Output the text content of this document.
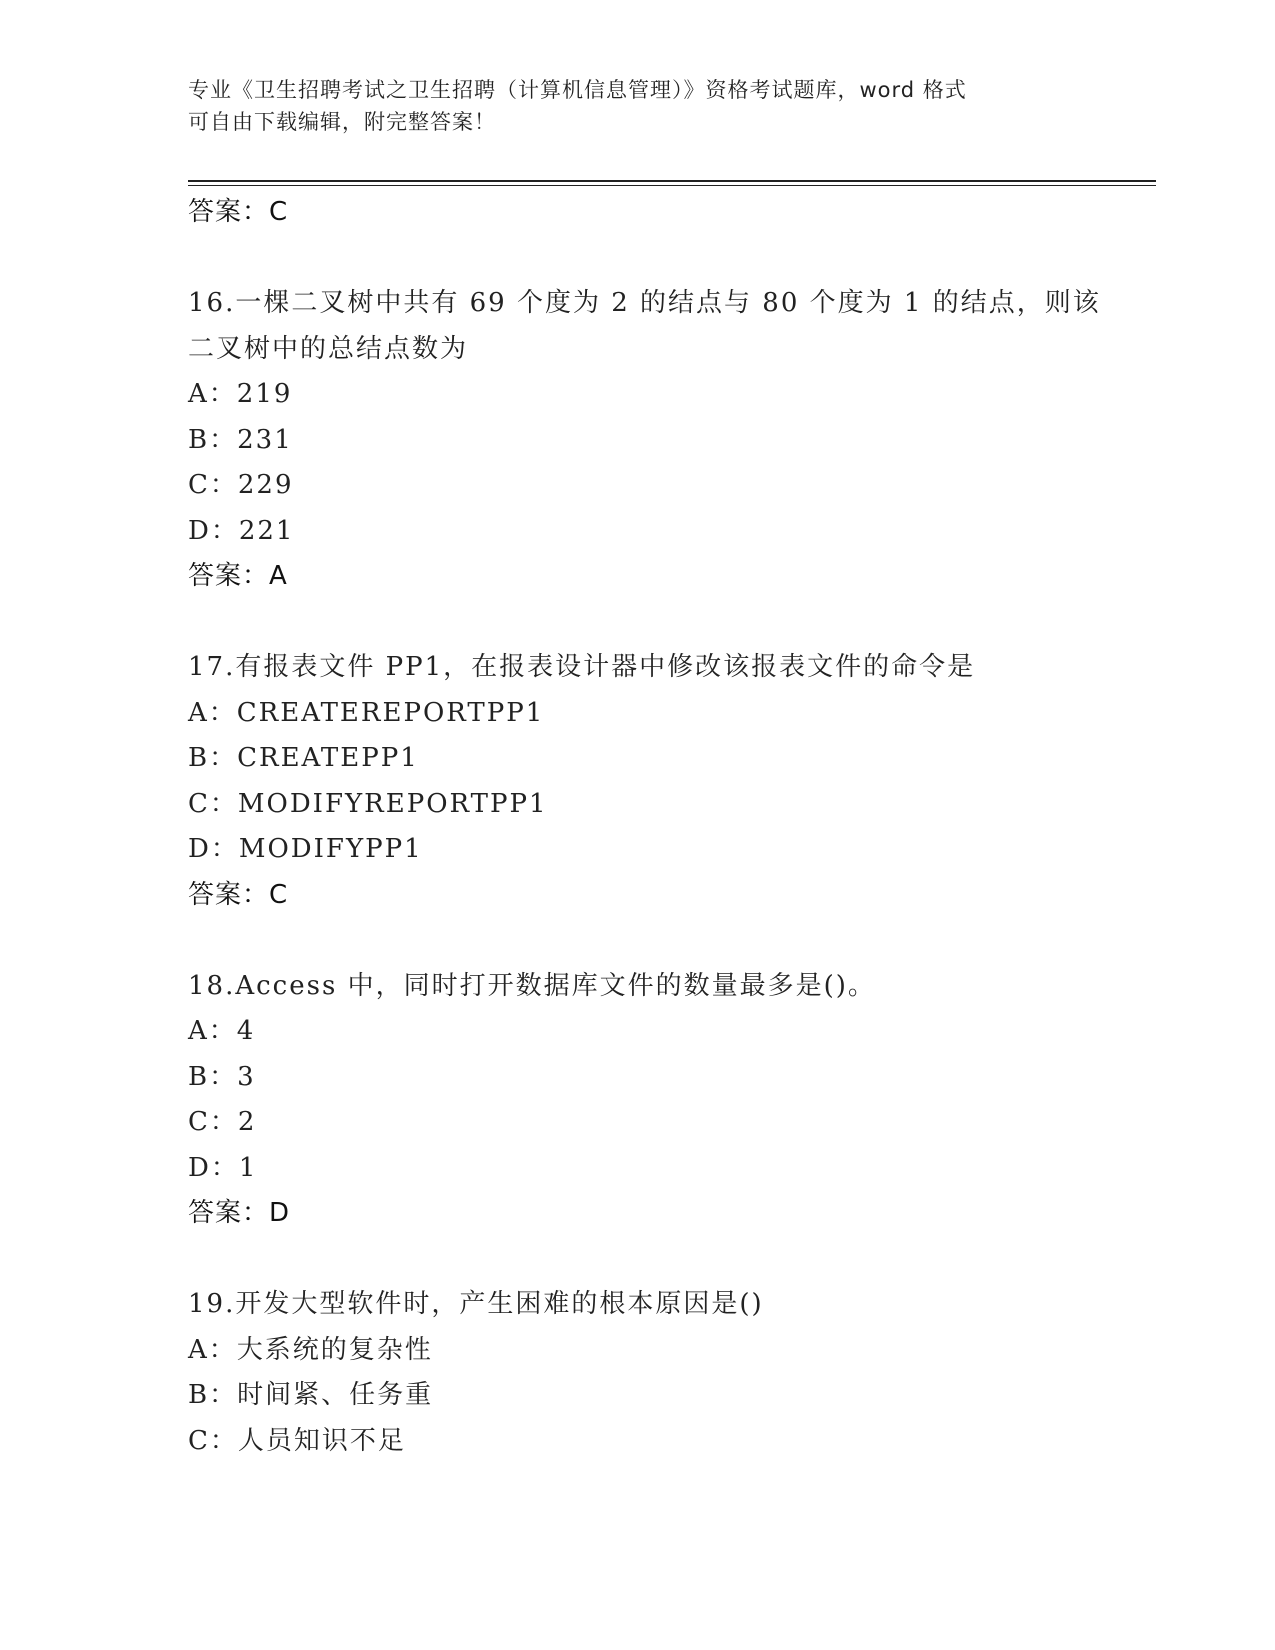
专业《卫生招聘考试之卫生招聘（计算机信息管理）》资格考试题库，word 格式
可自由下载编辑，附完整答案！
答案：C
16.一棵二叉树中共有 69 个度为 2 的结点与 80 个度为 1 的结点，则该
二叉树中的总结点数为
A：219
B：231
C：229
D：221
答案：A
17.有报表文件 PP1，在报表设计器中修改该报表文件的命令是
A：CREATEREPORTPP1
B：CREATEPP1
C：MODIFYREPORTPP1
D：MODIFYPP1
答案：C
18.Access 中，同时打开数据库文件的数量最多是()。
A：4
B：3
C：2
D：1
答案：D
19.开发大型软件时，产生困难的根本原因是()
A：大系统的复杂性
B：时间紧、任务重
C：人员知识不足
